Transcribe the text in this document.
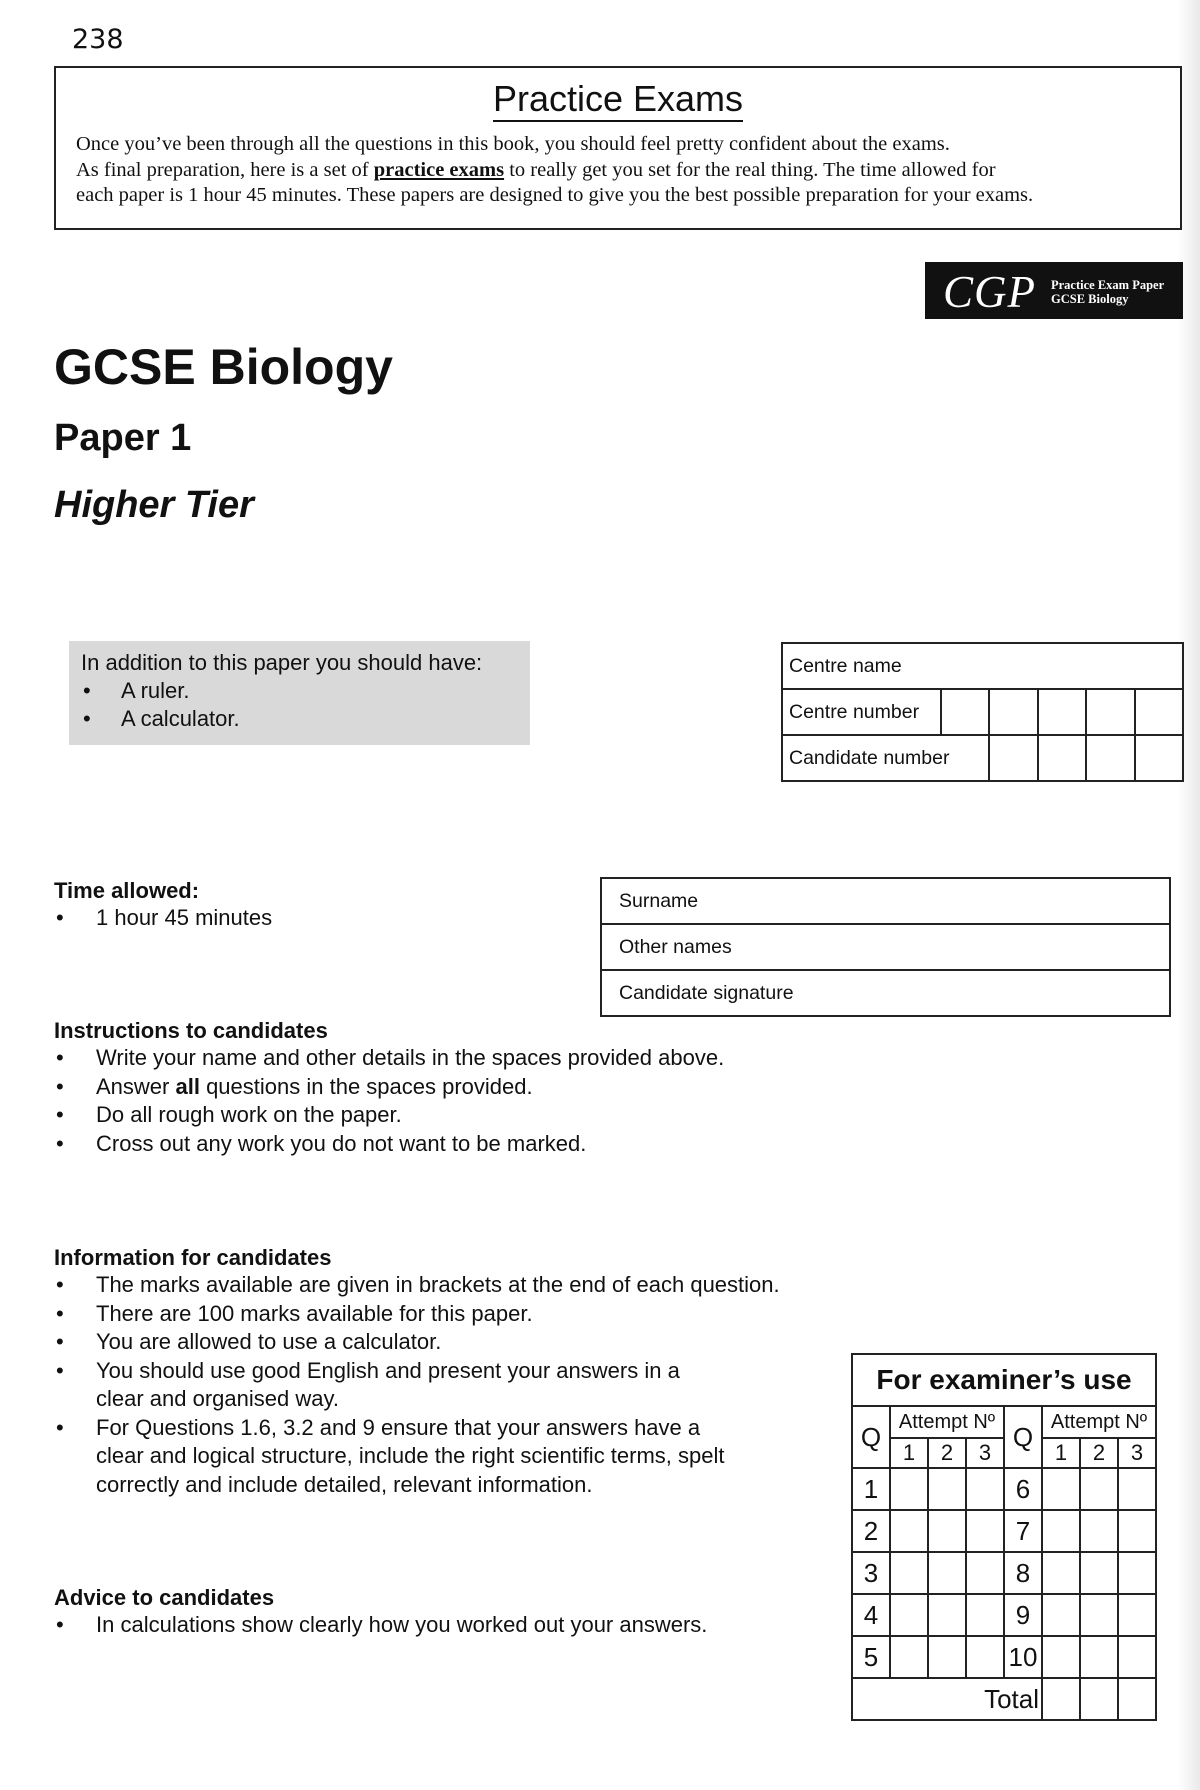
238
Practice Exams
Once you’ve been through all the questions in this book, you should feel pretty confident about the exams.
As final preparation, here is a set of practice exams to really get you set for the real thing. The time allowed for
each paper is 1 hour 45 minutes. These papers are designed to give you the best possible preparation for your exams.
CGP Practice Exam Paper
GCSE Biology
GCSE Biology
Paper 1
Higher Tier
In addition to this paper you should have:
•	A ruler.
•	A calculator.
Centre name					
Centre number					
Candidate number					
Time allowed:
•	1 hour 45 minutes
Surname
Other names
Candidate signature
Instructions to candidates
•	Write your name and other details in the spaces provided above.
•	Answer all questions in the spaces provided.
•	Do all rough work on the paper.
•	Cross out any work you do not want to be marked.
Information for candidates
•	The marks available are given in brackets at the end of each question.
•	There are 100 marks available for this paper.
•	You are allowed to use a calculator.
•	You should use good English and present your answers in a
clear and organised way.
•	For Questions 1.6, 3.2 and 9 ensure that your answers have a
clear and logical structure, include the right scientific terms, spelt
correctly and include detailed, relevant information.
Advice to candidates
•	In calculations show clearly how you worked out your answers.
For examiner’s use							
Q	Attempt Nº			Q	Attempt Nº		
	1	2	3		1	2	3
1				6			
2				7			
3				8			
4				9			
5				10			
Total							
